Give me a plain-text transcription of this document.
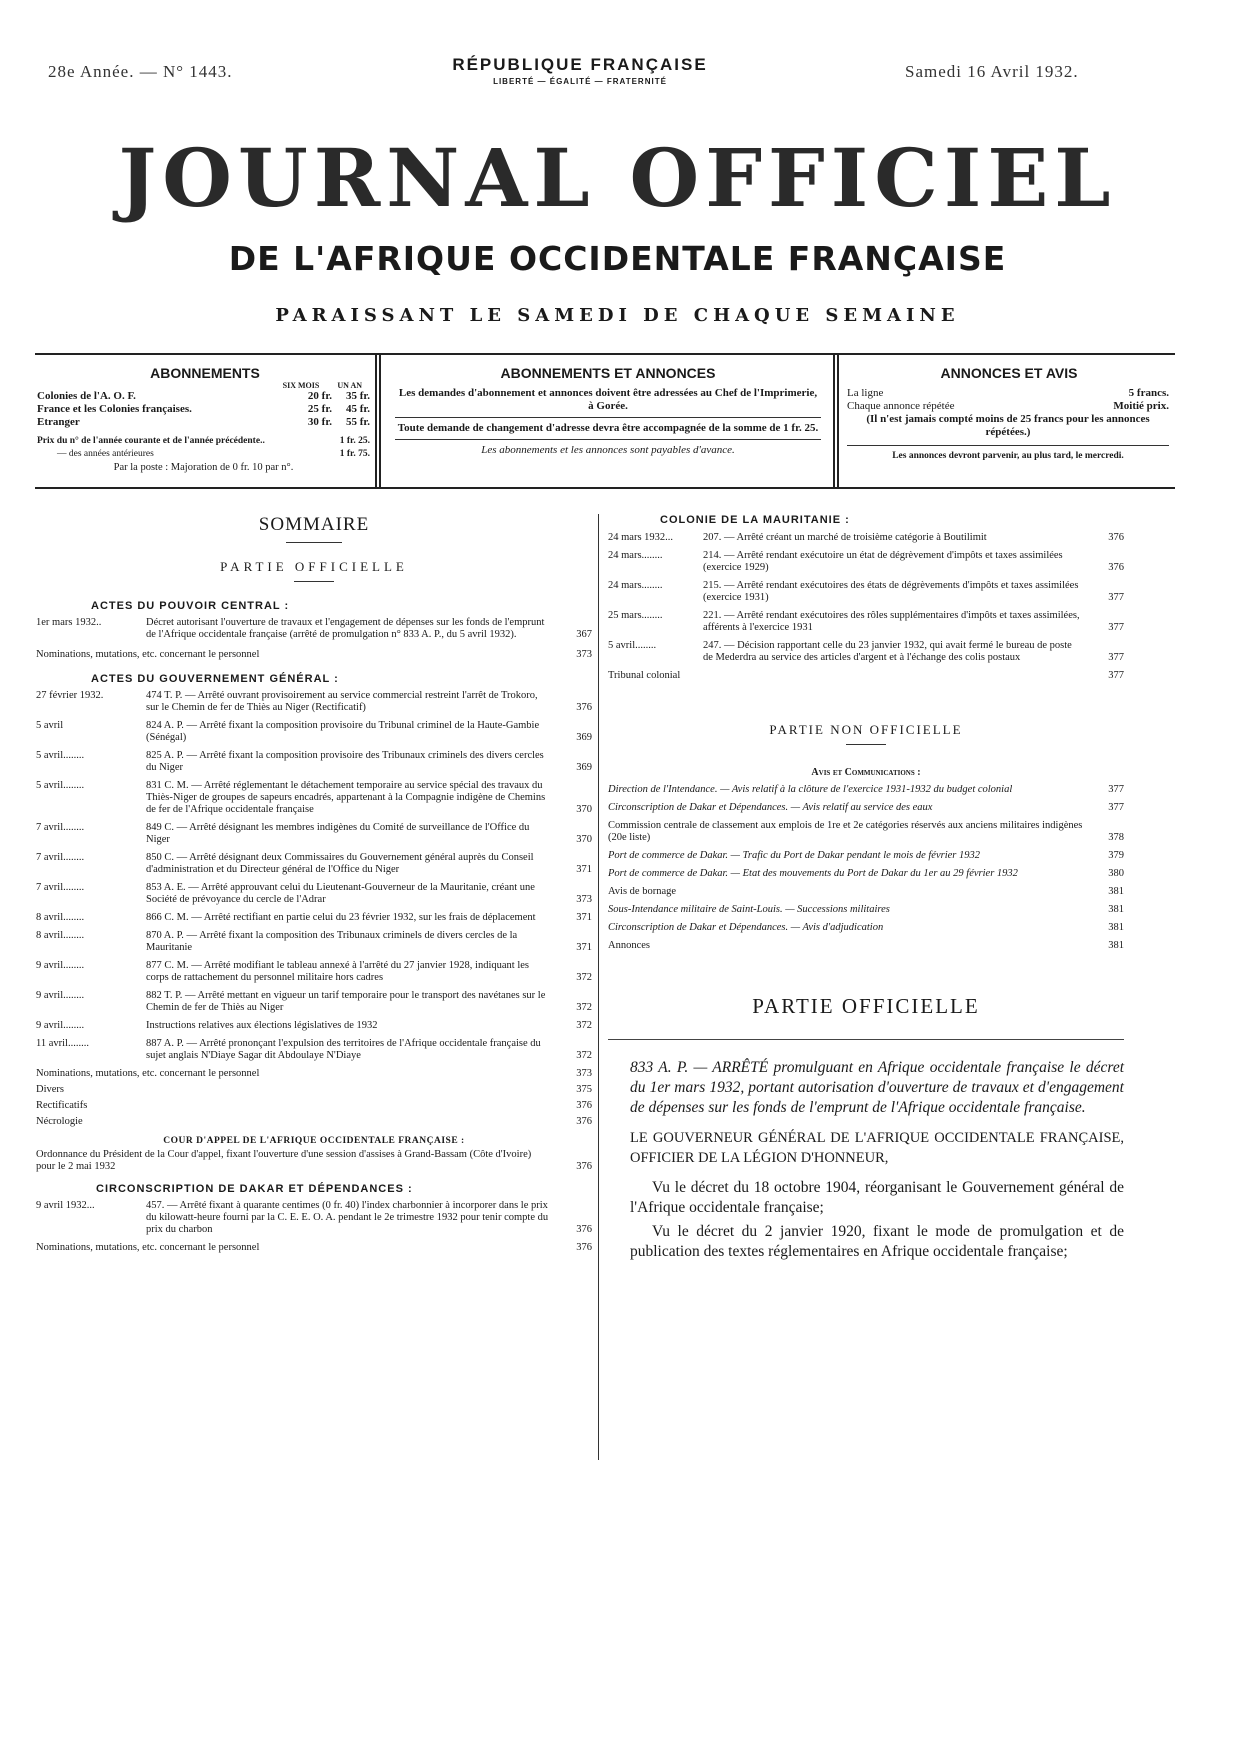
28e Année. — N° 1443.	RÉPUBLIQUE FRANÇAISE
LIBERTÉ — ÉGALITÉ — FRATERNITÉ
Samedi 16 Avril 1932.
JOURNAL OFFICIEL
DE L'AFRIQUE OCCIDENTALE FRANÇAISE
PARAISSANT LE SAMEDI DE CHAQUE SEMAINE
ABONNEMENTS
SIX MOIS UN AN
Colonies de l'A. O. F.	20 fr. 35 fr.
France et les Colonies françaises.	25 fr. 45 fr.
Etranger	30 fr. 55 fr.
Prix du n° de l'année courante et de l'année précédente..	1 fr. 25.
— des années antérieures	1 fr. 75.
Par la poste : Majoration de 0 fr. 10 par n°.
ABONNEMENTS ET ANNONCES
Les demandes d'abonnement et annonces doivent être adressées au Chef de l'Imprimerie, à Gorée.
Toute demande de changement d'adresse devra être accompagnée de la somme de 1 fr. 25.
Les abonnements et les annonces sont payables d'avance.
ANNONCES ET AVIS
La ligne	5 francs.
Chaque annonce répétée	Moitié prix.
(Il n'est jamais compté moins de 25 francs pour les annonces répétées.)
Les annonces devront parvenir, au plus tard, le mercredi.
SOMMAIRE
PARTIE OFFICIELLE
ACTES DU POUVOIR CENTRAL :
1er mars 1932..	Décret autorisant l'ouverture de travaux et l'engagement de dépenses sur les fonds de l'emprunt de l'Afrique occidentale française (arrêté de promulgation n° 833 A. P., du 5 avril 1932).	367
Nominations, mutations, etc. concernant le personnel	373
ACTES DU GOUVERNEMENT GÉNÉRAL :
27 février 1932.	474 T. P. — Arrêté ouvrant provisoirement au service commercial restreint l'arrêt de Trokoro, sur le Chemin de fer de Thiès au Niger (Rectificatif)	376
5 avril	824 A. P. — Arrêté fixant la composition provisoire du Tribunal criminel de la Haute-Gambie (Sénégal)	369
5 avril........	825 A. P. — Arrêté fixant la composition provisoire des Tribunaux criminels des divers cercles du Niger	369
5 avril........	831 C. M. — Arrêté réglementant le détachement temporaire au service spécial des travaux du Thiès-Niger de groupes de sapeurs encadrés, appartenant à la Compagnie indigène de Chemins de fer de l'Afrique occidentale française	370
7 avril........	849 C. — Arrêté désignant les membres indigènes du Comité de surveillance de l'Office du Niger	370
7 avril........	850 C. — Arrêté désignant deux Commissaires du Gouvernement général auprès du Conseil d'administration et du Directeur général de l'Office du Niger	371
7 avril........	853 A. E. — Arrêté approuvant celui du Lieutenant-Gouverneur de la Mauritanie, créant une Société de prévoyance du cercle de l'Adrar	373
8 avril........	866 C. M. — Arrêté rectifiant en partie celui du 23 février 1932, sur les frais de déplacement	371
8 avril........	870 A. P. — Arrêté fixant la composition des Tribunaux criminels de divers cercles de la Mauritanie	371
9 avril........	877 C. M. — Arrêté modifiant le tableau annexé à l'arrêté du 27 janvier 1928, indiquant les corps de rattachement du personnel militaire hors cadres	372
9 avril........	882 T. P. — Arrêté mettant en vigueur un tarif temporaire pour le transport des navétanes sur le Chemin de fer de Thiès au Niger	372
9 avril........	Instructions relatives aux élections législatives de 1932	372
11 avril........	887 A. P. — Arrêté prononçant l'expulsion des territoires de l'Afrique occidentale française du sujet anglais N'Diaye Sagar dit Abdoulaye N'Diaye	372
Nominations, mutations, etc. concernant le personnel	373
Divers	375
Rectificatifs	376
Nécrologie	376
COUR D'APPEL DE L'AFRIQUE OCCIDENTALE FRANÇAISE :
Ordonnance du Président de la Cour d'appel, fixant l'ouverture d'une session d'assises à Grand-Bassam (Côte d'Ivoire) pour le 2 mai 1932	376
CIRCONSCRIPTION DE DAKAR ET DÉPENDANCES :
9 avril 1932...	457. — Arrêté fixant à quarante centimes (0 fr. 40) l'index charbonnier à incorporer dans le prix du kilowatt-heure fourni par la C. E. E. O. A. pendant le 2e trimestre 1932 pour tenir compte du prix du charbon	376
Nominations, mutations, etc. concernant le personnel	376
COLONIE DE LA MAURITANIE :
24 mars 1932...	207. — Arrêté créant un marché de troisième catégorie à Boutilimit	376
24 mars........	214. — Arrêté rendant exécutoire un état de dégrèvement d'impôts et taxes assimilées (exercice 1929)	376
24 mars........	215. — Arrêté rendant exécutoires des états de dégrèvements d'impôts et taxes assimilées (exercice 1931)	377
25 mars........	221. — Arrêté rendant exécutoires des rôles supplémentaires d'impôts et taxes assimilées, afférents à l'exercice 1931	377
5 avril........	247. — Décision rapportant celle du 23 janvier 1932, qui avait fermé le bureau de poste de Mederdra au service des articles d'argent et à l'échange des colis postaux	377
Tribunal colonial	377
PARTIE NON OFFICIELLE
Avis et Communications :
Direction de l'Intendance. — Avis relatif à la clôture de l'exercice 1931-1932 du budget colonial	377
Circonscription de Dakar et Dépendances. — Avis relatif au service des eaux	377
Commission centrale de classement aux emplois de 1re et 2e catégories réservés aux anciens militaires indigènes (20e liste)	378
Port de commerce de Dakar. — Trafic du Port de Dakar pendant le mois de février 1932	379
Port de commerce de Dakar. — Etat des mouvements du Port de Dakar du 1er au 29 février 1932	380
Avis de bornage	381
Sous-Intendance militaire de Saint-Louis. — Successions militaires	381
Circonscription de Dakar et Dépendances. — Avis d'adjudication	381
Annonces	381
PARTIE OFFICIELLE
833 A. P. — ARRÊTÉ promulguant en Afrique occidentale française le décret du 1er mars 1932, portant autorisation d'ouverture de travaux et d'engagement de dépenses sur les fonds de l'emprunt de l'Afrique occidentale française.
LE GOUVERNEUR GÉNÉRAL DE L'AFRIQUE OCCIDENTALE FRANÇAISE, OFFICIER DE LA LÉGION D'HONNEUR,
Vu le décret du 18 octobre 1904, réorganisant le Gouvernement général de l'Afrique occidentale française;
Vu le décret du 2 janvier 1920, fixant le mode de promulgation et de publication des textes réglementaires en Afrique occidentale française;
